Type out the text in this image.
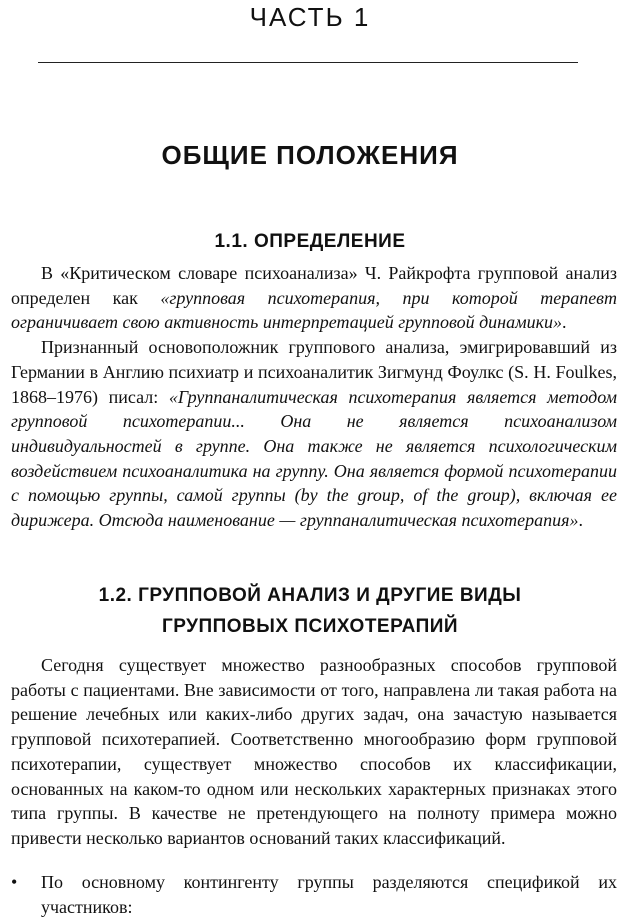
ЧАСТЬ 1
ОБЩИЕ ПОЛОЖЕНИЯ
1.1. ОПРЕДЕЛЕНИЕ

В «Критическом словаре психоанализа» Ч. Райкрофта групповой анализ определен как «групповая психотерапия, при которой терапевт ограничивает свою активность интерпретацией групповой динамики».

Признанный основоположник группового анализа, эмигрировавший из Германии в Англию психиатр и психоаналитик Зигмунд Фоулкс (S. H. Foulkes, 1868–1976) писал: «Группаналитическая психотерапия является методом групповой психотерапии... Она не является психоанализом индивидуальностей в группе. Она также не является психологическим воздействием психоаналитика на группу. Она является формой психотерапии с помощью группы, самой группы (by the group, of the group), включая ее дирижера. Отсюда наименование — группаналитическая психотерапия».

1.2. ГРУППОВОЙ АНАЛИЗ И ДРУГИЕ ВИДЫ
ГРУППОВЫХ ПСИХОТЕРАПИЙ

Сегодня существует множество разнообразных способов групповой работы с пациентами. Вне зависимости от того, направлена ли такая работа на решение лечебных или каких-либо других задач, она зачастую называется групповой психотерапией. Соответственно многообразию форм групповой психотерапии, существует множество способов их классификации, основанных на каком-то одном или нескольких характерных признаках этого типа группы. В качестве не претендующего на полноту примера можно привести несколько вариантов оснований таких классификаций.

•	По основному контингенту группы разделяются спецификой их участников:
